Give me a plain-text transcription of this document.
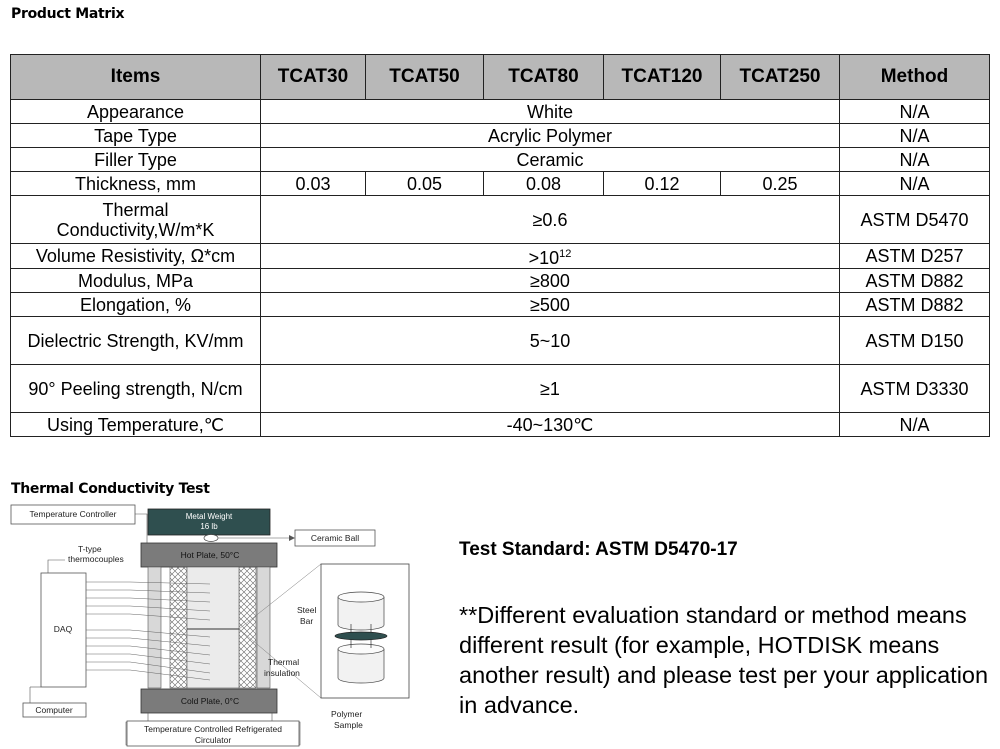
Product Matrix
Items	TCAT30	TCAT50	TCAT80	TCAT120	TCAT250	Method
Appearance	White					N/A
Tape Type	Acrylic Polymer					N/A
Filler Type	Ceramic					N/A
Thickness, mm	0.03	0.05	0.08	0.12	0.25	N/A
Thermal
Conductivity,W/m*K	≥0.6					ASTM D5470
Volume Resistivity, Ω*cm	$>10^{12}$					ASTM D257
Modulus, MPa	≥800					ASTM D882
Elongation, %	≥500					ASTM D882
Dielectric Strength, KV/mm	5~10					ASTM D150
90° Peeling strength, N/cm	≥1					ASTM D3330
Using Temperature,℃	-40~130℃					N/A
Thermal Conductivity Test
Temperature Controller	Metal Weight
16 lb
Ceramic Ball
T-type
thermocouples	Hot Plate, 50°C
DAQ
Cold Plate, 0°C
Computer
Temperature Controlled Refrigerated
Circulator
Steel
Bar
Thermal
insulation
Polymer
Sample
Test Standard: ASTM D5470-17
**Different evaluation standard or method means different result (for example, HOTDISK means another result) and please test per your application in advance.
